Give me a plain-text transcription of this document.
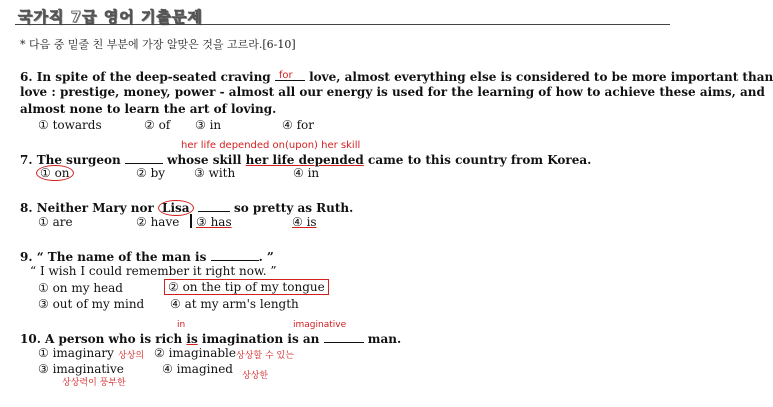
국가직 7급 영어 기출문제
* 다음 중 밑줄 친 부분에 가장 알맞은 것을 고르라.[6-10]
6. In spite of the deep-seated craving for love, almost everything else is considered to be more important than
love : prestige, money, power - almost all our energy is used for the learning of how to achieve these aims, and
almost none to learn the art of loving.
① towards	② of ③ in	④ for
her life depended on(upon) her skill
7. The surgeon	whose skill her life depended came to this country from Korea.
① on	② by ③ with	④ in
8. Neither Mary nor Lisa	so pretty as Ruth.
① are	② have ③ has	④ is
9. “ The name of the man is	. ”
“ I wish I could remember it right now. ”
① on my head	② on the tip of my tongue
③ out of my mind ④ at my arm's length
in	imaginative
10. A person who is rich is imagination is an	man.
① imaginary 상상의 ② imaginable 상상할 수 있는
③ imaginative
상상력이 풍부한
④ imagined 상상한
